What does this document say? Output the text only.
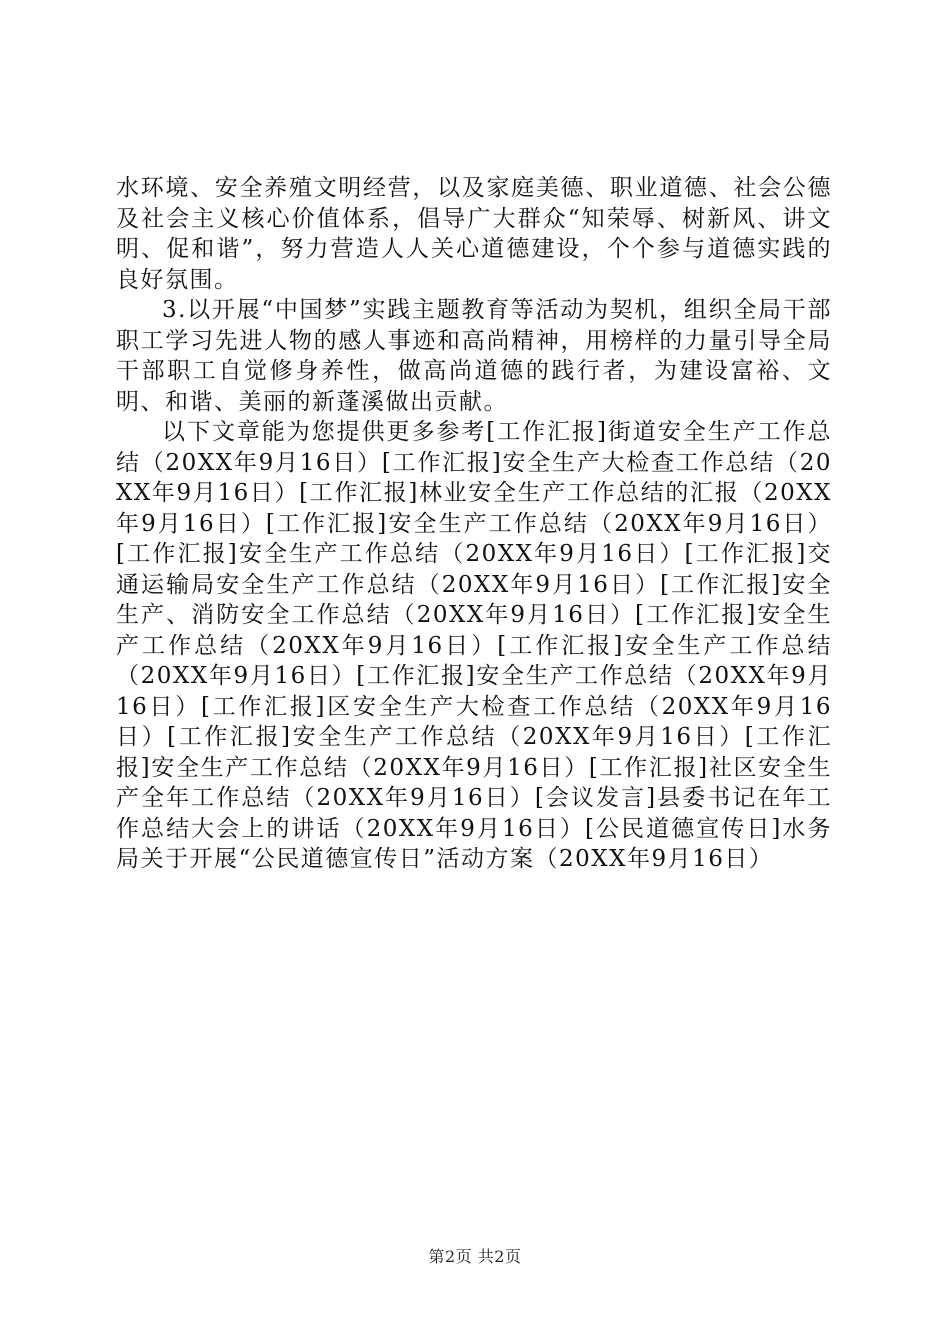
水环境、安全养殖文明经营，以及家庭美德、职业道德、社会公德及社会主义核心价值体系，倡导广大群众“知荣辱、树新风、讲文明、促和谐”，努力营造人人关心道德建设，个个参与道德实践的良好氛围。

3.以开展“中国梦”实践主题教育等活动为契机，组织全局干部职工学习先进人物的感人事迹和高尚精神，用榜样的力量引导全局干部职工自觉修身养性，做高尚道德的践行者，为建设富裕、文明、和谐、美丽的新蓬溪做出贡献。

以下文章能为您提供更多参考[工作汇报]街道安全生产工作总结（20XX年9月16日）[工作汇报]安全生产大检查工作总结（20XX年9月16日）[工作汇报]林业安全生产工作总结的汇报（20XX年9月16日）[工作汇报]安全生产工作总结（20XX年9月16日）[工作汇报]安全生产工作总结（20XX年9月16日）[工作汇报]交通运输局安全生产工作总结（20XX年9月16日）[工作汇报]安全生产、消防安全工作总结（20XX年9月16日）[工作汇报]安全生产工作总结（20XX年9月16日）[工作汇报]安全生产工作总结（20XX年9月16日）[工作汇报]安全生产工作总结（20XX年9月16日）[工作汇报]区安全生产大检查工作总结（20XX年9月16日）[工作汇报]安全生产工作总结（20XX年9月16日）[工作汇报]安全生产工作总结（20XX年9月16日）[工作汇报]社区安全生产全年工作总结（20XX年9月16日）[会议发言]县委书记在年工作总结大会上的讲话（20XX年9月16日）[公民道德宣传日]水务局关于开展“公民道德宣传日”活动方案（20XX年9月16日）

第2页 共2页
